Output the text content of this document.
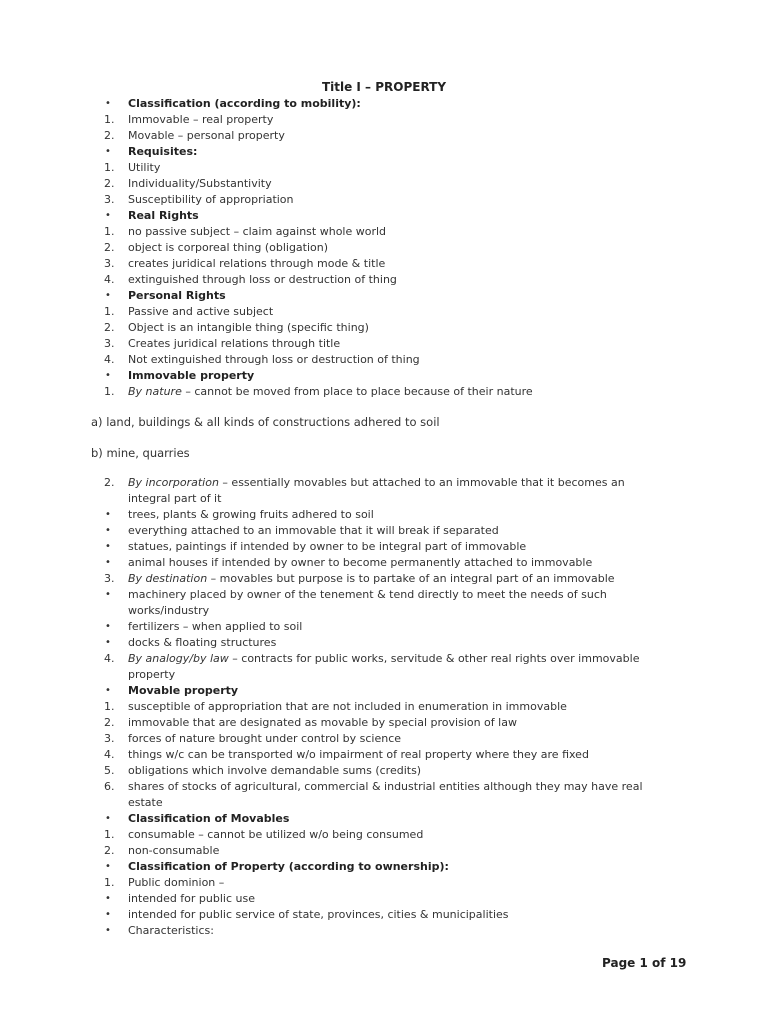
Title I – PROPERTY
•	Classification (according to mobility):
1.	Immovable – real property
2.	Movable – personal property
•	Requisites:
1.	Utility
2.	Individuality/Substantivity
3.	Susceptibility of appropriation
•	Real Rights
1.	no passive subject – claim against whole world
2.	object is corporeal thing (obligation)
3.	creates juridical relations through mode & title
4.	extinguished through loss or destruction of thing
•	Personal Rights
1.	Passive and active subject
2.	Object is an intangible thing (specific thing)
3.	Creates juridical relations through title
4.	Not extinguished through loss or destruction of thing
•	Immovable property
1.	By nature – cannot be moved from place to place because of their nature
a) land, buildings & all kinds of constructions adhered to soil
b) mine, quarries
2.	By incorporation – essentially movables but attached to an immovable that it becomes an
integral part of it
•	trees, plants & growing fruits adhered to soil
•	everything attached to an immovable that it will break if separated
•	statues, paintings if intended by owner to be integral part of immovable
•	animal houses if intended by owner to become permanently attached to immovable
3.	By destination – movables but purpose is to partake of an integral part of an immovable
•	machinery placed by owner of the tenement & tend directly to meet the needs of such
works/industry
•	fertilizers – when applied to soil
•	docks & floating structures
4.	By analogy/by law – contracts for public works, servitude & other real rights over immovable
property
•	Movable property
1.	susceptible of appropriation that are not included in enumeration in immovable
2.	immovable that are designated as movable by special provision of law
3.	forces of nature brought under control by science
4.	things w/c can be transported w/o impairment of real property where they are fixed
5.	obligations which involve demandable sums (credits)
6.	shares of stocks of agricultural, commercial & industrial entities although they may have real
estate
•	Classification of Movables
1.	consumable – cannot be utilized w/o being consumed
2.	non-consumable
•	Classification of Property (according to ownership):
1.	Public dominion –
•	intended for public use
•	intended for public service of state, provinces, cities & municipalities
•	Characteristics:
Page 1 of 19
